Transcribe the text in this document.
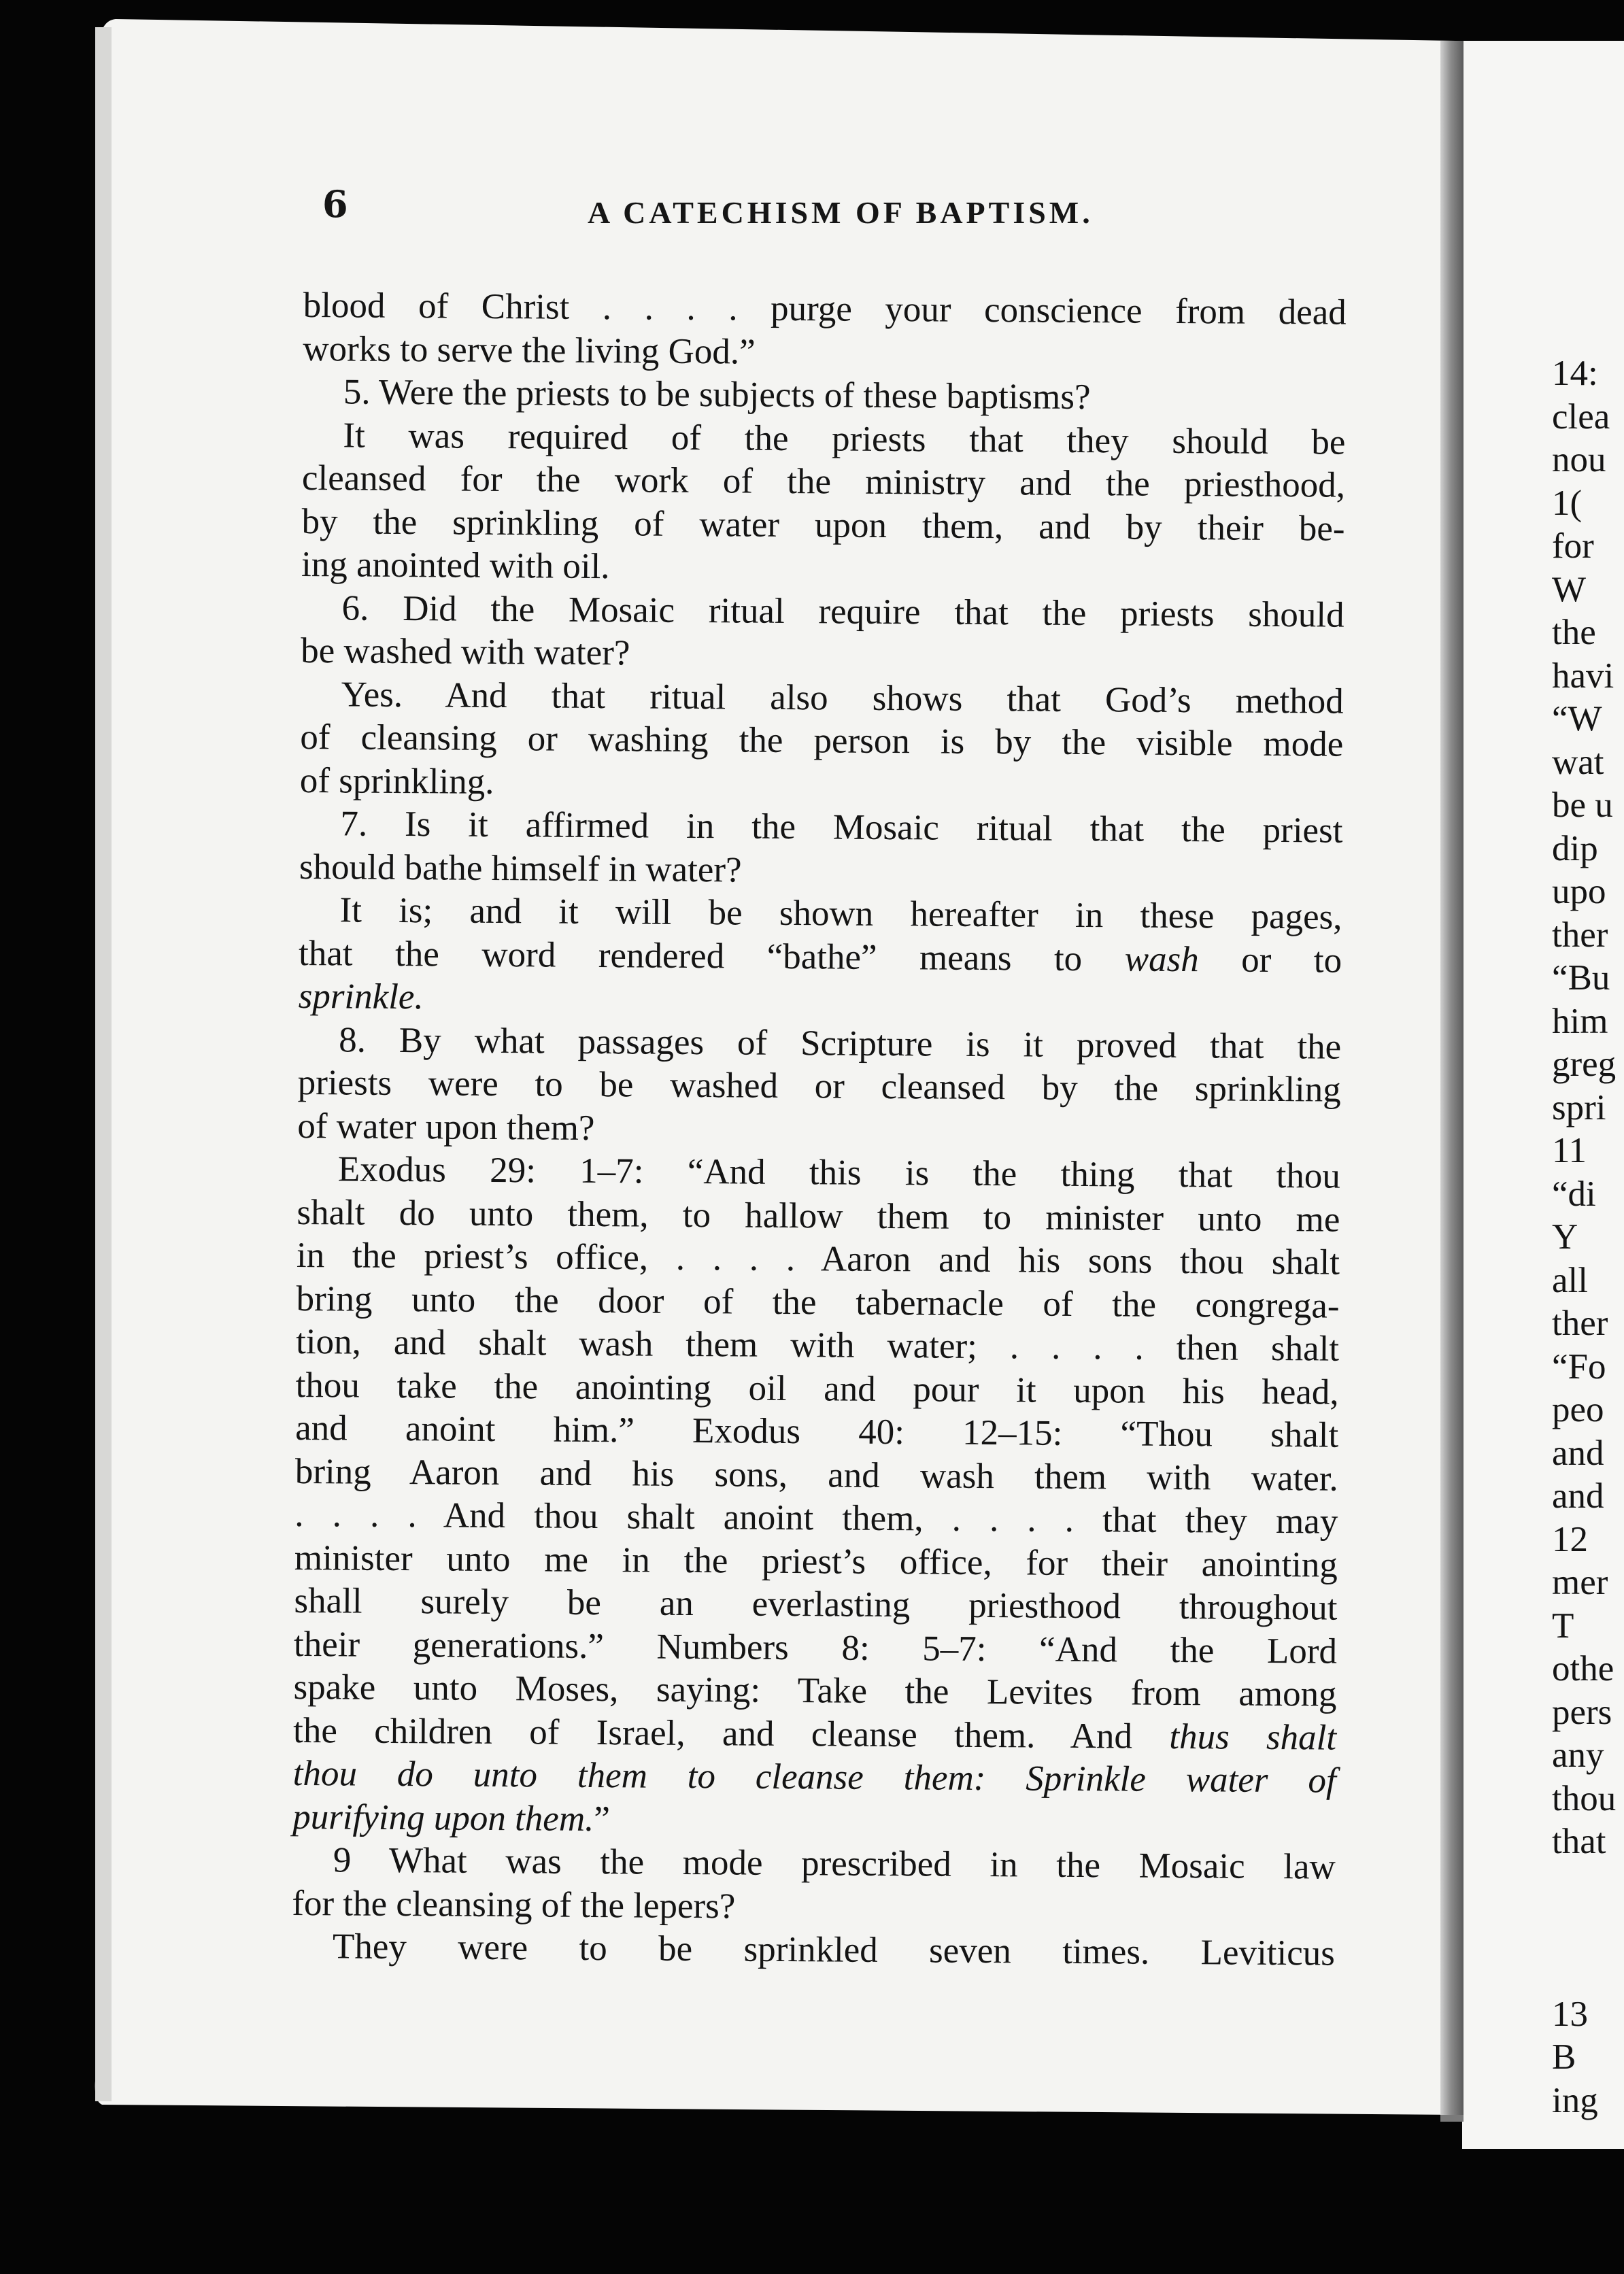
6	A CATECHISM OF BAPTISM.
blood of Christ . . . . purge your conscience from dead
works to serve the living God.”
5. Were the priests to be subjects of these baptisms?
It was required of the priests that they should be
cleansed for the work of the ministry and the priesthood,
by the sprinkling of water upon them, and by their be-
ing anointed with oil.
6. Did the Mosaic ritual require that the priests should
be washed with water?
Yes. And that ritual also shows that God’s method
of cleansing or washing the person is by the visible mode
of sprinkling.
7. Is it affirmed in the Mosaic ritual that the priest
should bathe himself in water?
It is; and it will be shown hereafter in these pages,
that the word rendered “bathe” means to wash or to
sprinkle.
8. By what passages of Scripture is it proved that the
priests were to be washed or cleansed by the sprinkling
of water upon them?
Exodus 29: 1–7: “And this is the thing that thou
shalt do unto them, to hallow them to minister unto me
in the priest’s office, . . . . Aaron and his sons thou shalt
bring unto the door of the tabernacle of the congrega-
tion, and shalt wash them with water; . . . . then shalt
thou take the anointing oil and pour it upon his head,
and anoint him.” Exodus 40: 12–15: “Thou shalt
bring Aaron and his sons, and wash them with water.
. . . . And thou shalt anoint them, . . . . that they may
minister unto me in the priest’s office, for their anointing
shall surely be an everlasting priesthood throughout
their generations.” Numbers 8: 5–7: “And the Lord
spake unto Moses, saying: Take the Levites from among
the children of Israel, and cleanse them. And thus shalt
thou do unto them to cleanse them: Sprinkle water of
purifying upon them.”
9 What was the mode prescribed in the Mosaic law
for the cleansing of the lepers?
They were to be sprinkled seven times. Leviticus
14:
clea
nou
1(
for
W
the
havi
“W
wat
be u
dip
upo
ther
“Bu
him
greg
spri
11
“di
Y
all
ther
“Fo
peo
and
and
12
mer
T
othe
pers
any
thou
that
13
B
ing
